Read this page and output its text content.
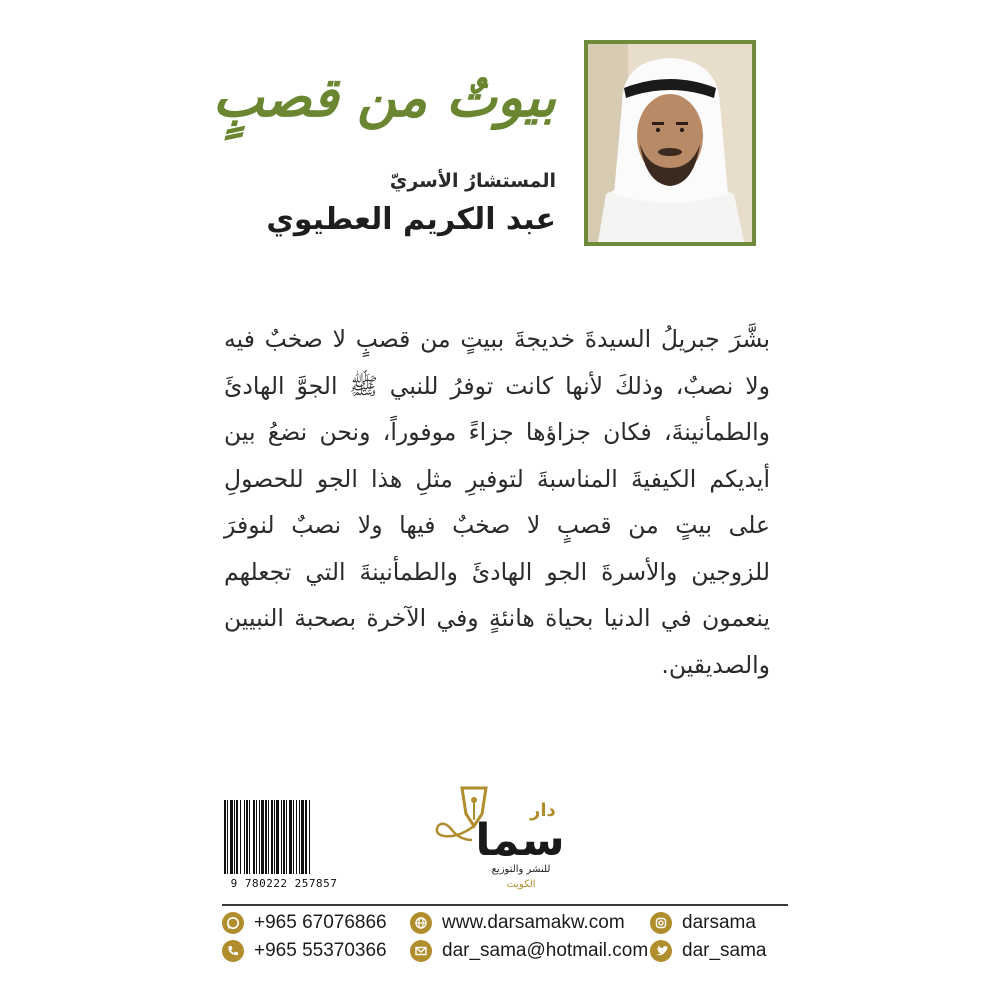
بيوتٌ من قصبٍ
المستشارُ الأسريّ
عبد الكريم العطيوي

بشَّرَ جبريلُ السيدةَ خديجةَ ببيتٍ من قصبٍ لا صخبٌ فيه ولا نصبٌ، وذلكَ لأنها كانت توفرُ للنبي ﷺ الجوَّ الهادئَ والطمأنينةَ، فكان جزاؤها جزاءً موفوراً، ونحن نضعُ بين أيديكم الكيفيةَ المناسبةَ لتوفيرِ مثلِ هذا الجو للحصولِ على بيتٍ من قصبٍ لا صخبٌ فيها ولا نصبٌ لنوفرَ للزوجين والأسرةَ الجو الهادئَ والطمأنينةَ التي تجعلهم ينعمون في الدنيا بحياة هانئةٍ وفي الآخرة بصحبة النبيين والصديقين.

9 780222 257857
دار
سما
للنشر والتوزيع
الكويت
+965 67076866
+965 55370366
www.darsamakw.com
dar_sama@hotmail.com
darsama
dar_sama
